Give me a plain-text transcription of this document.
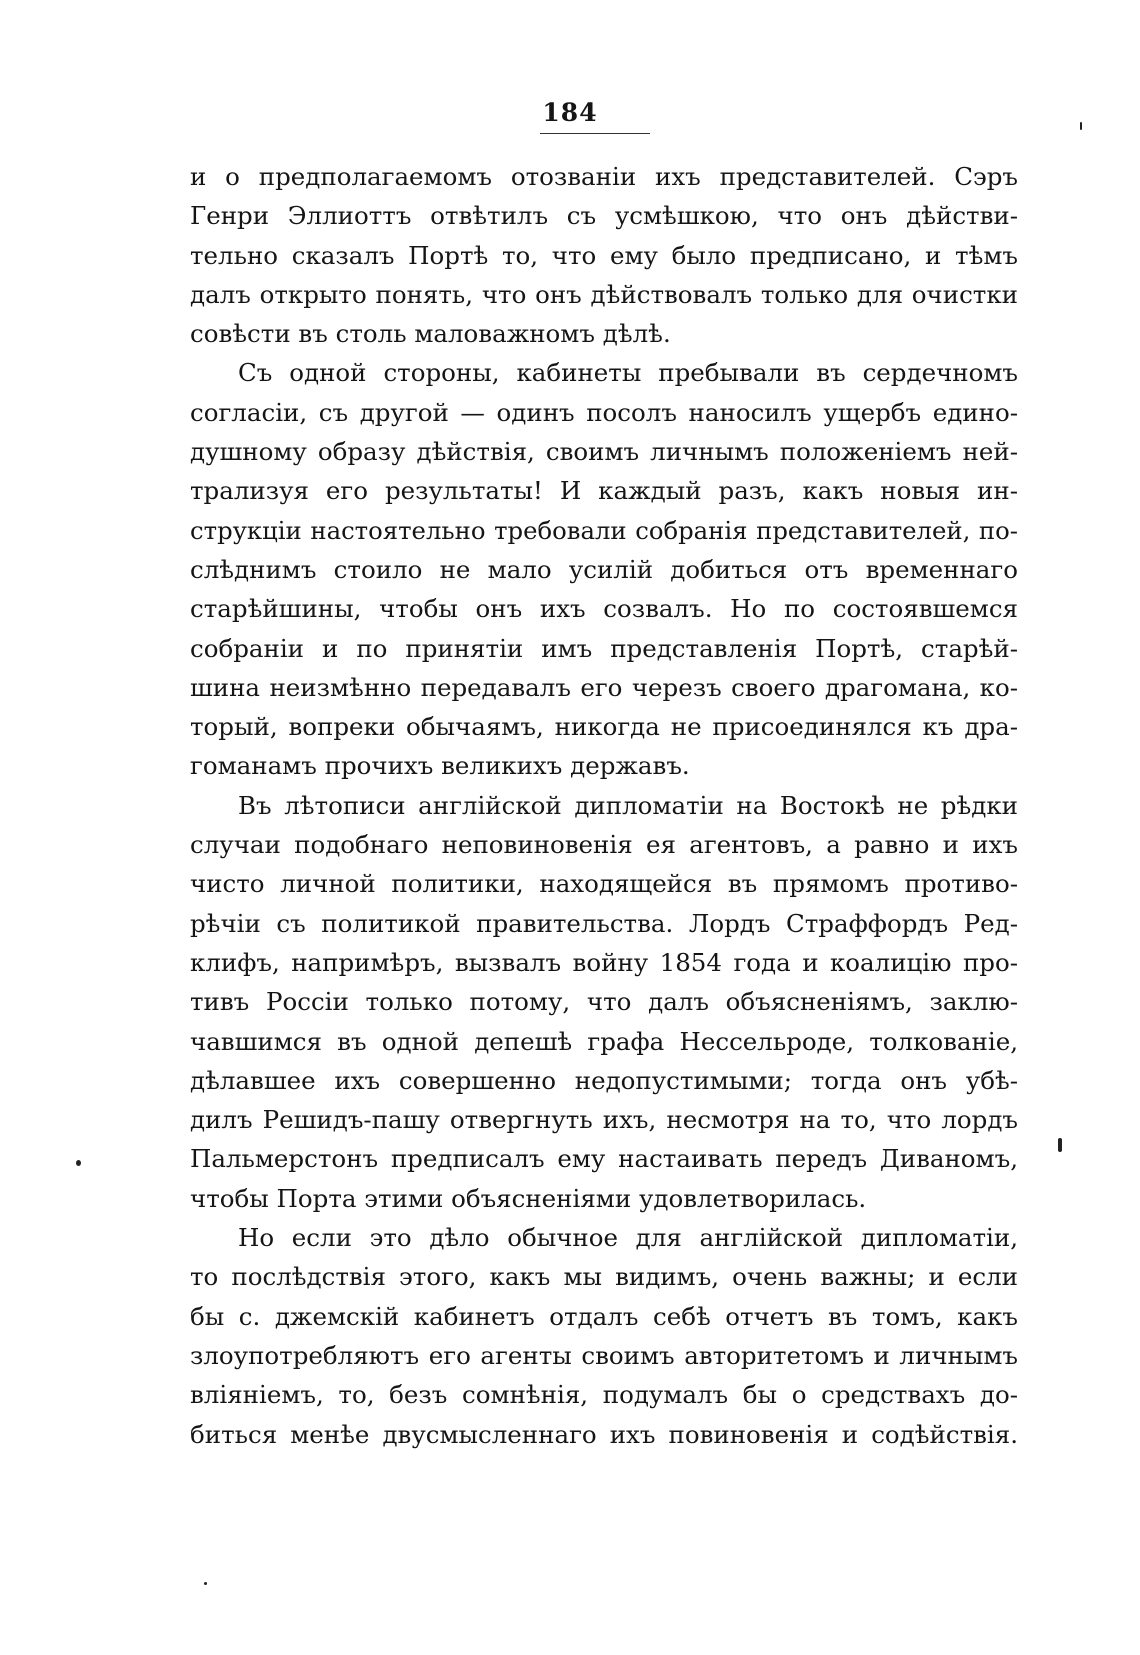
184
и о предполагаемомъ отозваніи ихъ представителей. Сэръ
Генри Эллиоттъ отвѣтилъ съ усмѣшкою, что онъ дѣйстви-
тельно сказалъ Портѣ то, что ему было предписано, и тѣмъ
далъ открыто понять, что онъ дѣйствовалъ только для очистки
совѣсти въ столь маловажномъ дѣлѣ.
Съ одной стороны, кабинеты пребывали въ сердечномъ
согласіи, съ другой — одинъ посолъ наносилъ ущербъ едино-
душному образу дѣйствія, своимъ личнымъ положеніемъ ней-
трализуя его результаты! И каждый разъ, какъ новыя ин-
струкціи настоятельно требовали собранія представителей, по-
слѣднимъ стоило не мало усилій добиться отъ временнаго
старѣйшины, чтобы онъ ихъ созвалъ. Но по состоявшемся
собраніи и по принятіи имъ представленія Портѣ, старѣй-
шина неизмѣнно передавалъ его черезъ своего драгомана, ко-
торый, вопреки обычаямъ, никогда не присоединялся къ дра-
гоманамъ прочихъ великихъ державъ.
Въ лѣтописи англійской дипломатіи на Востокѣ не рѣдки
случаи подобнаго неповиновенія ея агентовъ, а равно и ихъ
чисто личной политики, находящейся въ прямомъ противо-
рѣчіи съ политикой правительства. Лордъ Страффордъ Ред-
клифъ, напримѣръ, вызвалъ войну 1854 года и коалицію про-
тивъ Россіи только потому, что далъ объясненіямъ, заклю-
чавшимся въ одной депешѣ графа Нессельроде, толкованіе,
дѣлавшее ихъ совершенно недопустимыми; тогда онъ убѣ-
дилъ Решидъ-пашу отвергнуть ихъ, несмотря на то, что лордъ
Пальмерстонъ предписалъ ему настаивать передъ Диваномъ,
чтобы Порта этими объясненіями удовлетворилась.
Но если это дѣло обычное для англійской дипломатіи,
то послѣдствія этого, какъ мы видимъ, очень важны; и если
бы с. джемскій кабинетъ отдалъ себѣ отчетъ въ томъ, какъ
злоупотребляютъ его агенты своимъ авторитетомъ и личнымъ
вліяніемъ, то, безъ сомнѣнія, подумалъ бы о средствахъ до-
биться менѣе двусмысленнаго ихъ повиновенія и содѣйствія.
